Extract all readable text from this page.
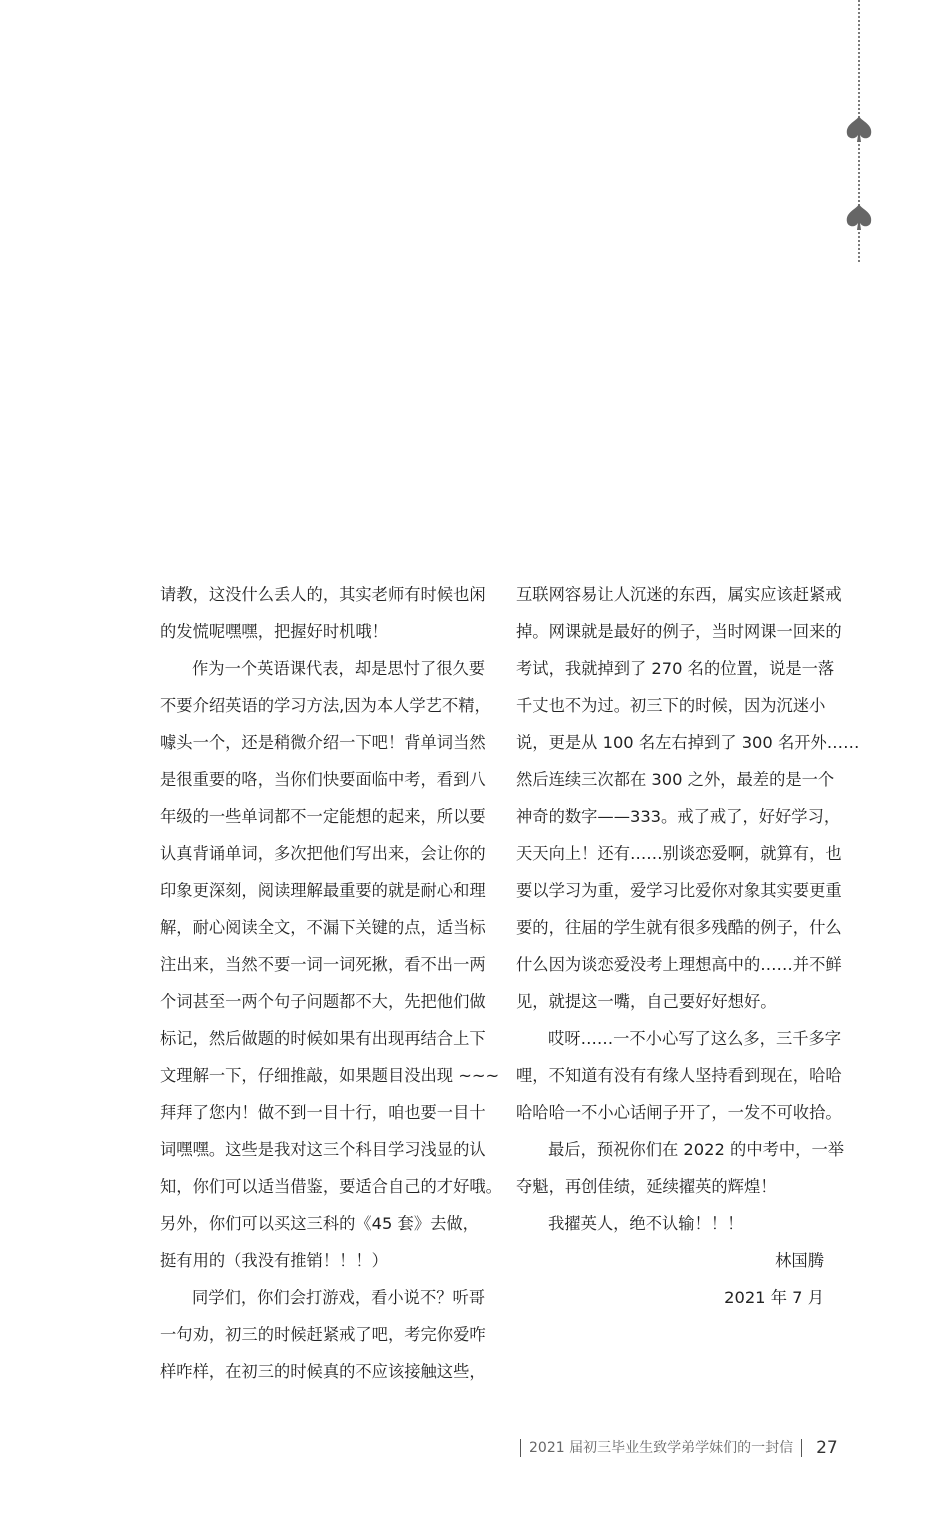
请教，这没什么丢人的，其实老师有时候也闲
的发慌呢嘿嘿，把握好时机哦！
作为一个英语课代表，却是思忖了很久要
不要介绍英语的学习方法,因为本人学艺不精，
噱头一个，还是稍微介绍一下吧！背单词当然
是很重要的咯，当你们快要面临中考，看到八
年级的一些单词都不一定能想的起来，所以要
认真背诵单词，多次把他们写出来，会让你的
印象更深刻，阅读理解最重要的就是耐心和理
解，耐心阅读全文，不漏下关键的点，适当标
注出来，当然不要一词一词死揪，看不出一两
个词甚至一两个句子问题都不大，先把他们做
标记，然后做题的时候如果有出现再结合上下
文理解一下，仔细推敲，如果题目没出现 ~~~
拜拜了您内！做不到一目十行，咱也要一目十
词嘿嘿。这些是我对这三个科目学习浅显的认
知，你们可以适当借鉴，要适合自己的才好哦。
另外，你们可以买这三科的《45 套》去做，
挺有用的（我没有推销！！！）
同学们，你们会打游戏，看小说不？听哥
一句劝，初三的时候赶紧戒了吧，考完你爱咋
样咋样，在初三的时候真的不应该接触这些，
互联网容易让人沉迷的东西，属实应该赶紧戒
掉。网课就是最好的例子，当时网课一回来的
考试，我就掉到了 270 名的位置，说是一落
千丈也不为过。初三下的时候，因为沉迷小
说，更是从 100 名左右掉到了 300 名开外……
然后连续三次都在 300 之外，最差的是一个
神奇的数字——333。戒了戒了，好好学习，
天天向上！还有……别谈恋爱啊，就算有，也
要以学习为重，爱学习比爱你对象其实要更重
要的，往届的学生就有很多残酷的例子，什么
什么因为谈恋爱没考上理想高中的……并不鲜
见，就提这一嘴，自己要好好想好。
哎呀……一不小心写了这么多，三千多字
哩，不知道有没有有缘人坚持看到现在，哈哈
哈哈哈一不小心话闸子开了，一发不可收拾。
最后，预祝你们在 2022 的中考中，一举
夺魁，再创佳绩，延续擢英的辉煌！
我擢英人，绝不认输！！！
林国腾
2021 年 7 月
2021 届初三毕业生致学弟学妹们的一封信 27
